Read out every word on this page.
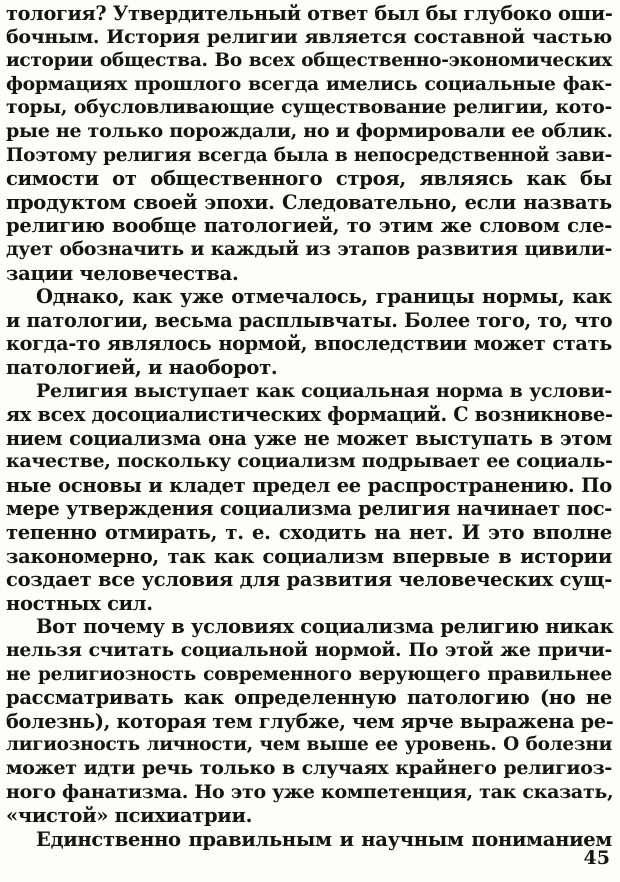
тология? Утвердительный ответ был бы глубоко оши-
бочным. История религии является составной частью
истории общества. Во всех общественно-экономических
формациях прошлого всегда имелись социальные фак-
торы, обусловливающие существование религии, кото-
рые не только порождали, но и формировали ее облик.
Поэтому религия всегда была в непосредственной зави-
симости от общественного строя, являясь как бы
продуктом своей эпохи. Следовательно, если назвать
религию вообще патологией, то этим же словом сле-
дует обозначить и каждый из этапов развития цивили-
зации человечества.
Однако, как уже отмечалось, границы нормы, как
и патологии, весьма расплывчаты. Более того, то, что
когда-то являлось нормой, впоследствии может стать
патологией, и наоборот.
Религия выступает как социальная норма в услови-
ях всех досоциалистических формаций. С возникнове-
нием социализма она уже не может выступать в этом
качестве, поскольку социализм подрывает ее социаль-
ные основы и кладет предел ее распространению. По
мере утверждения социализма религия начинает пос-
тепенно отмирать, т. е. сходить на нет. И это вполне
закономерно, так как социализм впервые в истории
создает все условия для развития человеческих сущ-
ностных сил.
Вот почему в условиях социализма религию никак
нельзя считать социальной нормой. По этой же причи-
не религиозность современного верующего правильнее
рассматривать как определенную патологию (но не
болезнь), которая тем глубже, чем ярче выражена ре-
лигиозность личности, чем выше ее уровень. О болезни
может идти речь только в случаях крайнего религиоз-
ного фанатизма. Но это уже компетенция, так сказать,
«чистой» психиатрии.
Единственно правильным и научным пониманием
45
